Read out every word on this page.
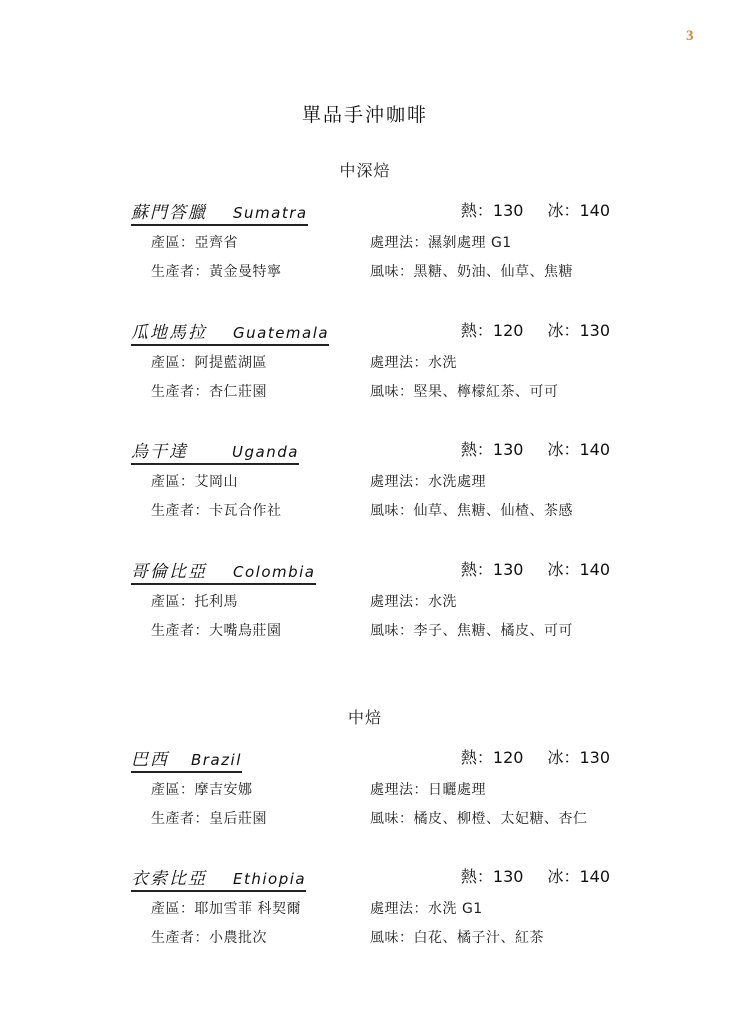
3
單品手沖咖啡
中深焙
蘇門答臘 Sumatra	熱：130 冰：140
產區：亞齊省	處理法：濕剝處理 G1
生產者：黃金曼特寧	風味：黑糖、奶油、仙草、焦糖
瓜地馬拉 Guatemala	熱：120 冰：130
產區：阿提藍湖區	處理法：水洗
生產者：杏仁莊園	風味：堅果、檸檬紅茶、可可
烏干達	Uganda	熱：130 冰：140
產區：艾岡山	處理法：水洗處理
生產者：卡瓦合作社	風味：仙草、焦糖、仙楂、茶感
哥倫比亞 Colombia	熱：130 冰：140
產區：托利馬	處理法：水洗
生產者：大嘴鳥莊園	風味：李子、焦糖、橘皮、可可
中焙
巴西 Brazil	熱：120 冰：130
產區：摩吉安娜	處理法：日曬處理
生產者：皇后莊園	風味：橘皮、柳橙、太妃糖、杏仁
衣索比亞 Ethiopia	熱：130 冰：140
產區：耶加雪菲 科契爾	處理法：水洗 G1
生產者：小農批次	風味：白花、橘子汁、紅茶
